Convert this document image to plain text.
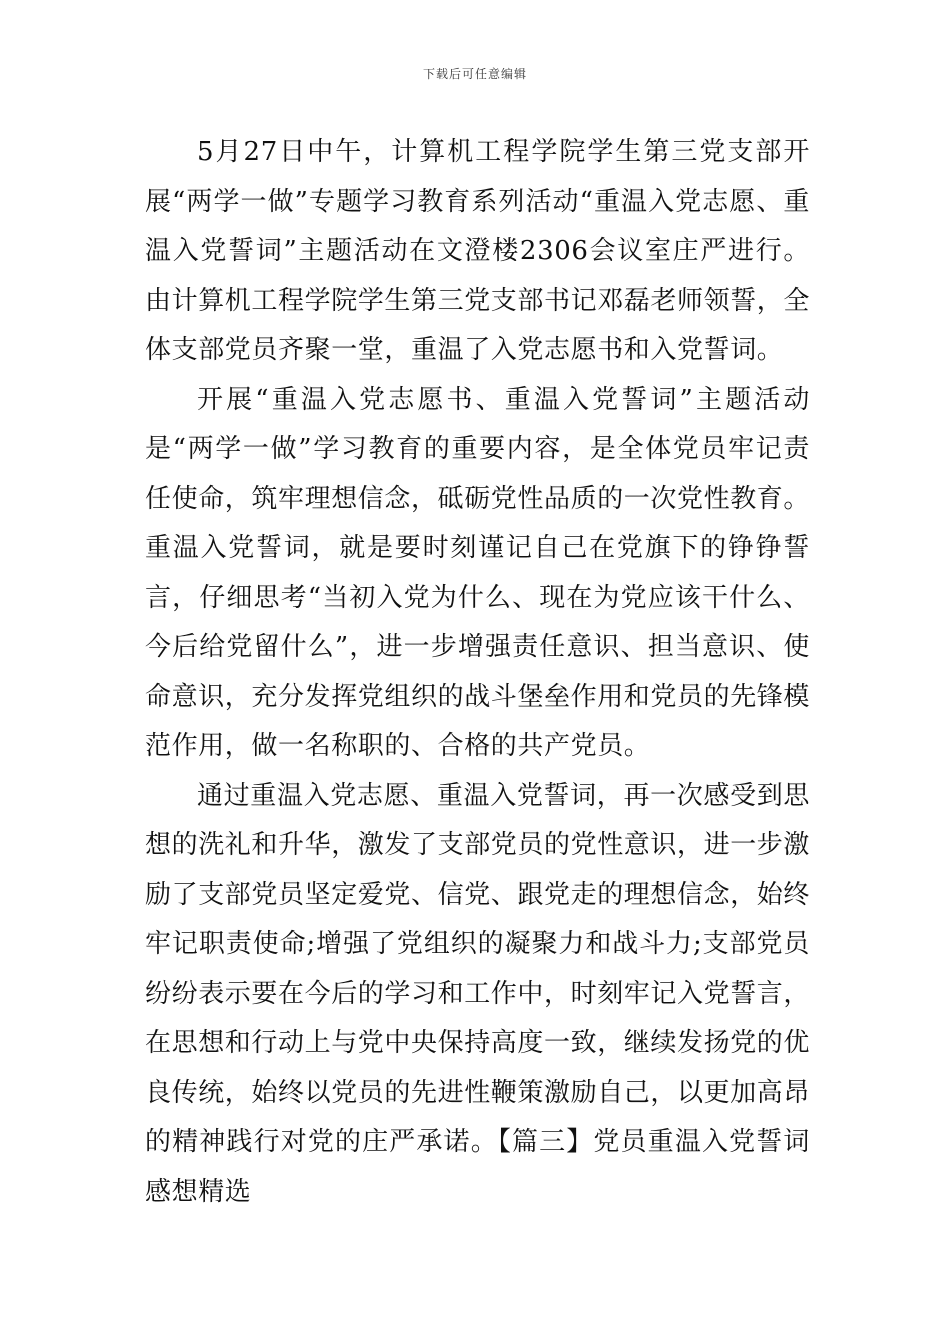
下载后可任意编辑

5月27日中午，计算机工程学院学生第三党支部开展“两学一做”专题学习教育系列活动“重温入党志愿、重温入党誓词”主题活动在文澄楼2306会议室庄严进行。由计算机工程学院学生第三党支部书记邓磊老师领誓，全体支部党员齐聚一堂，重温了入党志愿书和入党誓词。

开展“重温入党志愿书、重温入党誓词”主题活动是“两学一做”学习教育的重要内容，是全体党员牢记责任使命，筑牢理想信念，砥砺党性品质的一次党性教育。重温入党誓词，就是要时刻谨记自己在党旗下的铮铮誓言，仔细思考“当初入党为什么、现在为党应该干什么、今后给党留什么”，进一步增强责任意识、担当意识、使命意识，充分发挥党组织的战斗堡垒作用和党员的先锋模范作用，做一名称职的、合格的共产党员。

通过重温入党志愿、重温入党誓词，再一次感受到思想的洗礼和升华，激发了支部党员的党性意识，进一步激励了支部党员坚定爱党、信党、跟党走的理想信念，始终牢记职责使命;增强了党组织的凝聚力和战斗力;支部党员纷纷表示要在今后的学习和工作中，时刻牢记入党誓言，在思想和行动上与党中央保持高度一致，继续发扬党的优良传统，始终以党员的先进性鞭策激励自己，以更加高昂的精神践行对党的庄严承诺。【篇三】党员重温入党誓词感想精选
